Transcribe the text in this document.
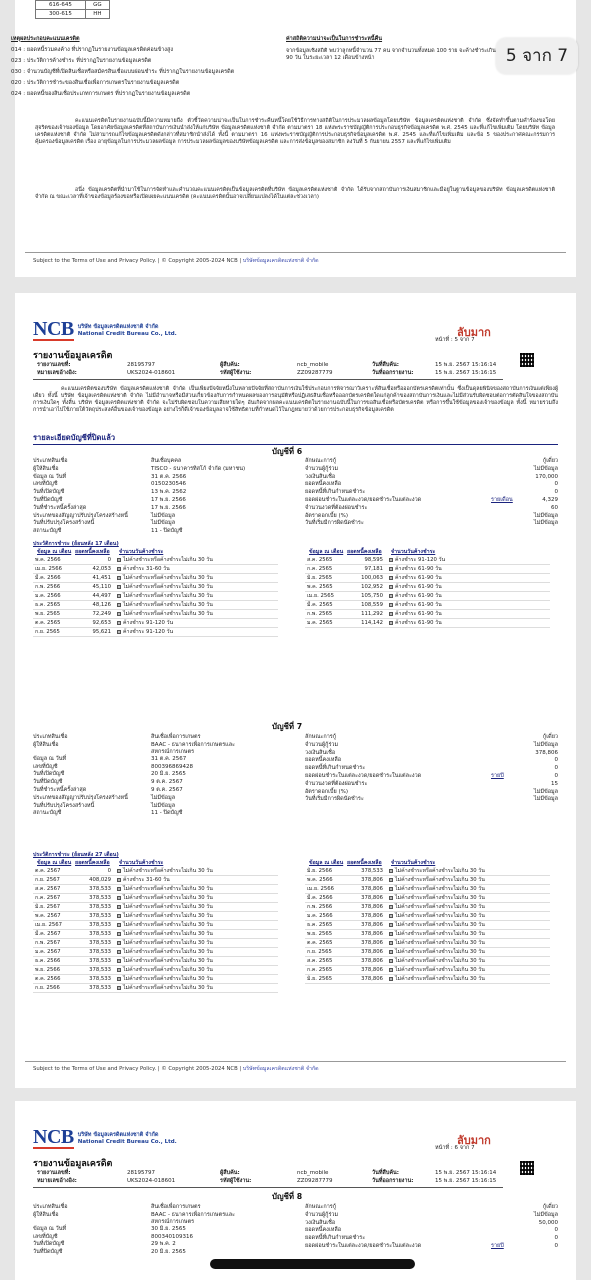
616-645	GG
300-615	HH
เหตุผลประกอบคะแนนเครดิต
014 : ยอดหนี้รวมคงค้าง ที่ปรากฏในรายงานข้อมูลเครดิตค่อนข้างสูง
023 : ประวัติการค้างชำระ ที่ปรากฏในรายงานข้อมูลเครดิต
030 : จำนวนบัญชีที่เปิดสินเชื่อหรือสมัครสินเชื่อแบบผ่อนชำระ ที่ปรากฏในรายงานข้อมูลเครดิต
020 : ประวัติการชำระของสินเชื่อเพื่อการเกษตรในรายงานข้อมูลเครดิต
024 : ยอดหนี้ของสินเชื่อประเภทการเกษตร ที่ปรากฏในรายงานข้อมูลเครดิต
ค่าสถิติความน่าจะเป็นในการชำระหนี้คืน
จากข้อมูลเชิงสถิติ พบว่าลูกหนี้จำนวน 77 คน จากจำนวนทั้งหมด 100 ราย จะค้างชำระเกิน 90 วัน ในระยะเวลา 12 เดือนข้างหน้า
คะแนนเครดิตในรายงานฉบับนี้มีความหมายถึง ตัวชี้วัดความน่าจะเป็นในการชำระคืนหนี้โดยใช้วิธีการทางสถิติในการประมวลผลข้อมูลโดยบริษัท ข้อมูลเครดิตแห่งชาติ จำกัด ซึ่งจัดทำขึ้นตามคำร้องขอโดยสุจริตของเจ้าของข้อมูล โดยอาศัยข้อมูลเครดิตที่สถาบันการเงินนำส่งให้แก่บริษัท ข้อมูลเครดิตแห่งชาติ จำกัด ตามมาตรา 18 แห่งพระราชบัญญัติการประกอบธุรกิจข้อมูลเครดิต พ.ศ. 2545 และที่แก้ไขเพิ่มเติม โดยบริษัท ข้อมูลเครดิตแห่งชาติ จำกัด ไม่สามารถแก้ไขข้อมูลเครดิตดังกล่าวที่สมาชิกนำส่งได้ ทั้งนี้ ตามมาตรา 16 แห่งพระราชบัญญัติการประกอบธุรกิจข้อมูลเครดิต พ.ศ. 2545 และที่แก้ไขเพิ่มเติม และข้อ 5 ของประกาศคณะกรรมการคุ้มครองข้อมูลเครดิต เรื่อง อายุข้อมูลในการประมวลผลข้อมูล การประมวลผลข้อมูลของบริษัทข้อมูลเครดิต และการส่งข้อมูลของสมาชิก ลงวันที่ 5 กันยายน 2557 และที่แก้ไขเพิ่มเติม
อนึ่ง ข้อมูลเครดิตที่นำมาใช้ในการจัดทำและคำนวณคะแนนเครดิตเป็นข้อมูลเครดิตที่บริษัท ข้อมูลเครดิตแห่งชาติ จำกัด ได้รับจากสถาบันการเงินสมาชิกและมีอยู่ในฐานข้อมูลของบริษัท ข้อมูลเครดิตแห่งชาติ จำกัด ณ ขณะเวลาที่เจ้าของข้อมูลร้องขอหรือเปิดเผยคะแนนเครดิต (คะแนนเครดิตนั้นอาจเปลี่ยนแปลงได้ในแต่ละช่วงเวลา)
Subject to the Terms of Use and Privacy Policy. | © Copyright 2005-2024 NCB | บริษัทข้อมูลเครดิตแห่งชาติ จำกัด
5 จาก 7
NCB บริษัท ข้อมูลเครดิตแห่งชาติ จำกัด
National Credit Bureau Co., Ltd.	ลับมาก
หน้าที่ : 5 จาก 7
รายงานข้อมูลเครดิต
รายงานเลขที่:	28195797
หมายเลขอ้างอิง:	UKS2024-018601
ผู้สืบค้น:	ncb_mobile
รหัสผู้ใช้งาน:	ZZ09287779
วันที่สืบค้น:	15 พ.ย. 2567 15:16:14
วันที่ออกรายงาน:	15 พ.ย. 2567 15:16:15
คะแนนเครดิตของบริษัท ข้อมูลเครดิตแห่งชาติ จำกัด เป็นเพียงปัจจัยหนึ่งในหลายปัจจัยที่สถาบันการเงินใช้ประกอบการพิจารณาวิเคราะห์สินเชื่อหรือออกบัตรเครดิตเท่านั้น ซึ่งเป็นดุลยพินิจของสถาบันการเงินแต่เพียงผู้เดียว ทั้งนี้ บริษัท ข้อมูลเครดิตแห่งชาติ จำกัด ไม่มีอำนาจหรือมีส่วนเกี่ยวข้องกับการกำหนดผลของการอนุมัติหรือปฏิเสธสินเชื่อหรือออกบัตรเครดิตใดแก่ลูกค้าของสถาบันการเงินและไม่มีส่วนรับผิดชอบต่อการตัดสินใจของสถาบันการเงินใดๆ ทั้งสิ้น บริษัท ข้อมูลเครดิตแห่งชาติ จำกัด จะไม่รับผิดชอบในความเสียหายใดๆ อันเกิดจากผลคะแนนเครดิตในรายงานฉบับนี้ในการขอสินเชื่อหรือบัตรเครดิต หรือการขึ้นใช้ข้อมูลของเจ้าของข้อมูล ทั้งนี้ หมายรวมถึงการนำเอาไปใช้ภายใต้วัตถุประสงค์อื่นของเจ้าของข้อมูล อย่างไรก็ดีเจ้าของข้อมูลอาจใช้สิทธิตามที่กำหนดไว้ในกฎหมายว่าด้วยการประกอบธุรกิจข้อมูลเครดิต
รายละเอียดบัญชีที่ปิดแล้ว
บัญชีที่ 6
ประเภทสินเชื่อ	สินเชื่อบุคคล
ผู้ให้สินเชื่อ	TISCO - ธนาคารทิสโก้ จำกัด (มหาชน)
ข้อมูล ณ วันที่	31 ต.ค. 2566
เลขที่บัญชี	0150230546
วันที่เปิดบัญชี	13 พ.ค. 2562
วันที่ปิดบัญชี	17 พ.ย. 2566
วันที่ชำระหนี้ครั้งล่าสุด	17 พ.ย. 2566
ประเภทของสัญญาปรับปรุงโครงสร้างหนี้	ไม่มีข้อมูล
วันที่ปรับปรุงโครงสร้างหนี้	ไม่มีข้อมูล
สถานะบัญชี	11 - ปิดบัญชี
ลักษณะการกู้	กู้เดี่ยว
จำนวนผู้กู้ร่วม	ไม่มีข้อมูล
วงเงินสินเชื่อ	170,000
ยอดหนี้คงเหลือ	0
ยอดหนี้ที่เกินกำหนดชำระ	0
ยอดผ่อนชำระในแต่ละงวด/ยอดชำระในแต่ละงวด	4,329
รายเดือน
จำนวนงวดที่ต้องผ่อนชำระ	60
อัตราดอกเบี้ย (%)	ไม่มีข้อมูล
วันที่เริ่มมีการผิดนัดชำระ	ไม่มีข้อมูล
ประวัติการชำระ (ย้อนหลัง 17 เดือน)
ข้อมูล ณ เดือน ยอดหนี้คงเหลือ จำนวนวันค้างชำระ	ข้อมูล ณ เดือน ยอดหนี้คงเหลือ จำนวนวันค้างชำระ
พ.ค. 2566	0	ไม่ค้างชำระหรือค้างชำระไม่เกิน 30 วัน
เม.ย. 2566	42,053	ค้างชำระ 31-60 วัน
มี.ค. 2566	41,451	ไม่ค้างชำระหรือค้างชำระไม่เกิน 30 วัน
ก.พ. 2566	45,110	ไม่ค้างชำระหรือค้างชำระไม่เกิน 30 วัน
ม.ค. 2566	44,497	ไม่ค้างชำระหรือค้างชำระไม่เกิน 30 วัน
ธ.ค. 2565	48,126	ไม่ค้างชำระหรือค้างชำระไม่เกิน 30 วัน
พ.ย. 2565	72,249	ไม่ค้างชำระหรือค้างชำระไม่เกิน 30 วัน
ต.ค. 2565	92,653	ค้างชำระ 91-120 วัน
ก.ย. 2565	95,621	ค้างชำระ 91-120 วัน
ส.ค. 2565	98,595	ค้างชำระ 91-120 วัน
ก.ค. 2565	97,181	ค้างชำระ 61-90 วัน
มิ.ย. 2565	100,063	ค้างชำระ 61-90 วัน
พ.ค. 2565	102,952	ค้างชำระ 61-90 วัน
เม.ย. 2565	105,750	ค้างชำระ 61-90 วัน
มี.ค. 2565	108,559	ค้างชำระ 61-90 วัน
ก.พ. 2565	111,292	ค้างชำระ 61-90 วัน
ม.ค. 2565	114,142	ค้างชำระ 61-90 วัน
บัญชีที่ 7
ประเภทสินเชื่อ	สินเชื่อเพื่อการเกษตร
ผู้ให้สินเชื่อ	BAAC - ธนาคารเพื่อการเกษตรและสหกรณ์การเกษตร
ข้อมูล ณ วันที่	31 ต.ค. 2567
เลขที่บัญชี	800396869428
วันที่เปิดบัญชี	20 มิ.ย. 2565
วันที่ปิดบัญชี	9 ต.ค. 2567
วันที่ชำระหนี้ครั้งล่าสุด	9 ต.ค. 2567
ประเภทของสัญญาปรับปรุงโครงสร้างหนี้	ไม่มีข้อมูล
วันที่ปรับปรุงโครงสร้างหนี้	ไม่มีข้อมูล
สถานะบัญชี	11 - ปิดบัญชี
ลักษณะการกู้	กู้เดี่ยว
จำนวนผู้กู้ร่วม	ไม่มีข้อมูล
วงเงินสินเชื่อ	378,806
ยอดหนี้คงเหลือ	0
ยอดหนี้ที่เกินกำหนดชำระ	0
ยอดผ่อนชำระในแต่ละงวด/ยอดชำระในแต่ละงวด	0
รายปี
จำนวนงวดที่ต้องผ่อนชำระ	15
อัตราดอกเบี้ย (%)	ไม่มีข้อมูล
วันที่เริ่มมีการผิดนัดชำระ	ไม่มีข้อมูล
ประวัติการชำระ (ย้อนหลัง 27 เดือน)
ข้อมูล ณ เดือน ยอดหนี้คงเหลือ จำนวนวันค้างชำระ	ข้อมูล ณ เดือน ยอดหนี้คงเหลือ จำนวนวันค้างชำระ
ต.ค. 2567	0	ไม่ค้างชำระหรือค้างชำระไม่เกิน 30 วัน
ก.ย. 2567	408,029	ค้างชำระ 31-60 วัน
ส.ค. 2567	378,533	ไม่ค้างชำระหรือค้างชำระไม่เกิน 30 วัน
ก.ค. 2567	378,533	ไม่ค้างชำระหรือค้างชำระไม่เกิน 30 วัน
มิ.ย. 2567	378,533	ไม่ค้างชำระหรือค้างชำระไม่เกิน 30 วัน
พ.ค. 2567	378,533	ไม่ค้างชำระหรือค้างชำระไม่เกิน 30 วัน
เม.ย. 2567	378,533	ไม่ค้างชำระหรือค้างชำระไม่เกิน 30 วัน
มี.ค. 2567	378,533	ไม่ค้างชำระหรือค้างชำระไม่เกิน 30 วัน
ก.พ. 2567	378,533	ไม่ค้างชำระหรือค้างชำระไม่เกิน 30 วัน
ม.ค. 2567	378,533	ไม่ค้างชำระหรือค้างชำระไม่เกิน 30 วัน
ธ.ค. 2566	378,533	ไม่ค้างชำระหรือค้างชำระไม่เกิน 30 วัน
พ.ย. 2566	378,533	ไม่ค้างชำระหรือค้างชำระไม่เกิน 30 วัน
ต.ค. 2566	378,533	ไม่ค้างชำระหรือค้างชำระไม่เกิน 30 วัน
ก.ย. 2566	378,533	ไม่ค้างชำระหรือค้างชำระไม่เกิน 30 วัน
มิ.ย. 2566	378,533	ไม่ค้างชำระหรือค้างชำระไม่เกิน 30 วัน
พ.ค. 2566	378,806	ไม่ค้างชำระหรือค้างชำระไม่เกิน 30 วัน
เม.ย. 2566	378,806	ไม่ค้างชำระหรือค้างชำระไม่เกิน 30 วัน
มี.ค. 2566	378,806	ไม่ค้างชำระหรือค้างชำระไม่เกิน 30 วัน
ก.พ. 2566	378,806	ไม่ค้างชำระหรือค้างชำระไม่เกิน 30 วัน
ม.ค. 2566	378,806	ไม่ค้างชำระหรือค้างชำระไม่เกิน 30 วัน
ธ.ค. 2565	378,806	ไม่ค้างชำระหรือค้างชำระไม่เกิน 30 วัน
พ.ย. 2565	378,806	ไม่ค้างชำระหรือค้างชำระไม่เกิน 30 วัน
ต.ค. 2565	378,806	ไม่ค้างชำระหรือค้างชำระไม่เกิน 30 วัน
ก.ย. 2565	378,806	ไม่ค้างชำระหรือค้างชำระไม่เกิน 30 วัน
ส.ค. 2565	378,806	ไม่ค้างชำระหรือค้างชำระไม่เกิน 30 วัน
ก.ค. 2565	378,806	ไม่ค้างชำระหรือค้างชำระไม่เกิน 30 วัน
มิ.ย. 2565	378,806	ไม่ค้างชำระหรือค้างชำระไม่เกิน 30 วัน
Subject to the Terms of Use and Privacy Policy. | © Copyright 2005-2024 NCB | บริษัทข้อมูลเครดิตแห่งชาติ จำกัด
NCB บริษัท ข้อมูลเครดิตแห่งชาติ จำกัด
National Credit Bureau Co., Ltd.	ลับมาก
หน้าที่ : 6 จาก 7
รายงานข้อมูลเครดิต
รายงานเลขที่:	28195797
หมายเลขอ้างอิง:	UKS2024-018601
ผู้สืบค้น:	ncb_mobile
รหัสผู้ใช้งาน:	ZZ09287779
วันที่สืบค้น:	15 พ.ย. 2567 15:16:14
วันที่ออกรายงาน:	15 พ.ย. 2567 15:16:15
บัญชีที่ 8
ประเภทสินเชื่อ	สินเชื่อเพื่อการเกษตร
ผู้ให้สินเชื่อ	BAAC - ธนาคารเพื่อการเกษตรและสหกรณ์การเกษตร
ข้อมูล ณ วันที่	30 มิ.ย. 2565
เลขที่บัญชี	800340109316
วันที่เปิดบัญชี	29 พ.ค. 2
วันที่ปิดบัญชี	20 มิ.ย. 2565
ลักษณะการกู้	กู้เดี่ยว
จำนวนผู้กู้ร่วม	ไม่มีข้อมูล
วงเงินสินเชื่อ	50,000
ยอดหนี้คงเหลือ	0
ยอดหนี้ที่เกินกำหนดชำระ	0
ยอดผ่อนชำระในแต่ละงวด/ยอดชำระในแต่ละงวด	0
รายปี
